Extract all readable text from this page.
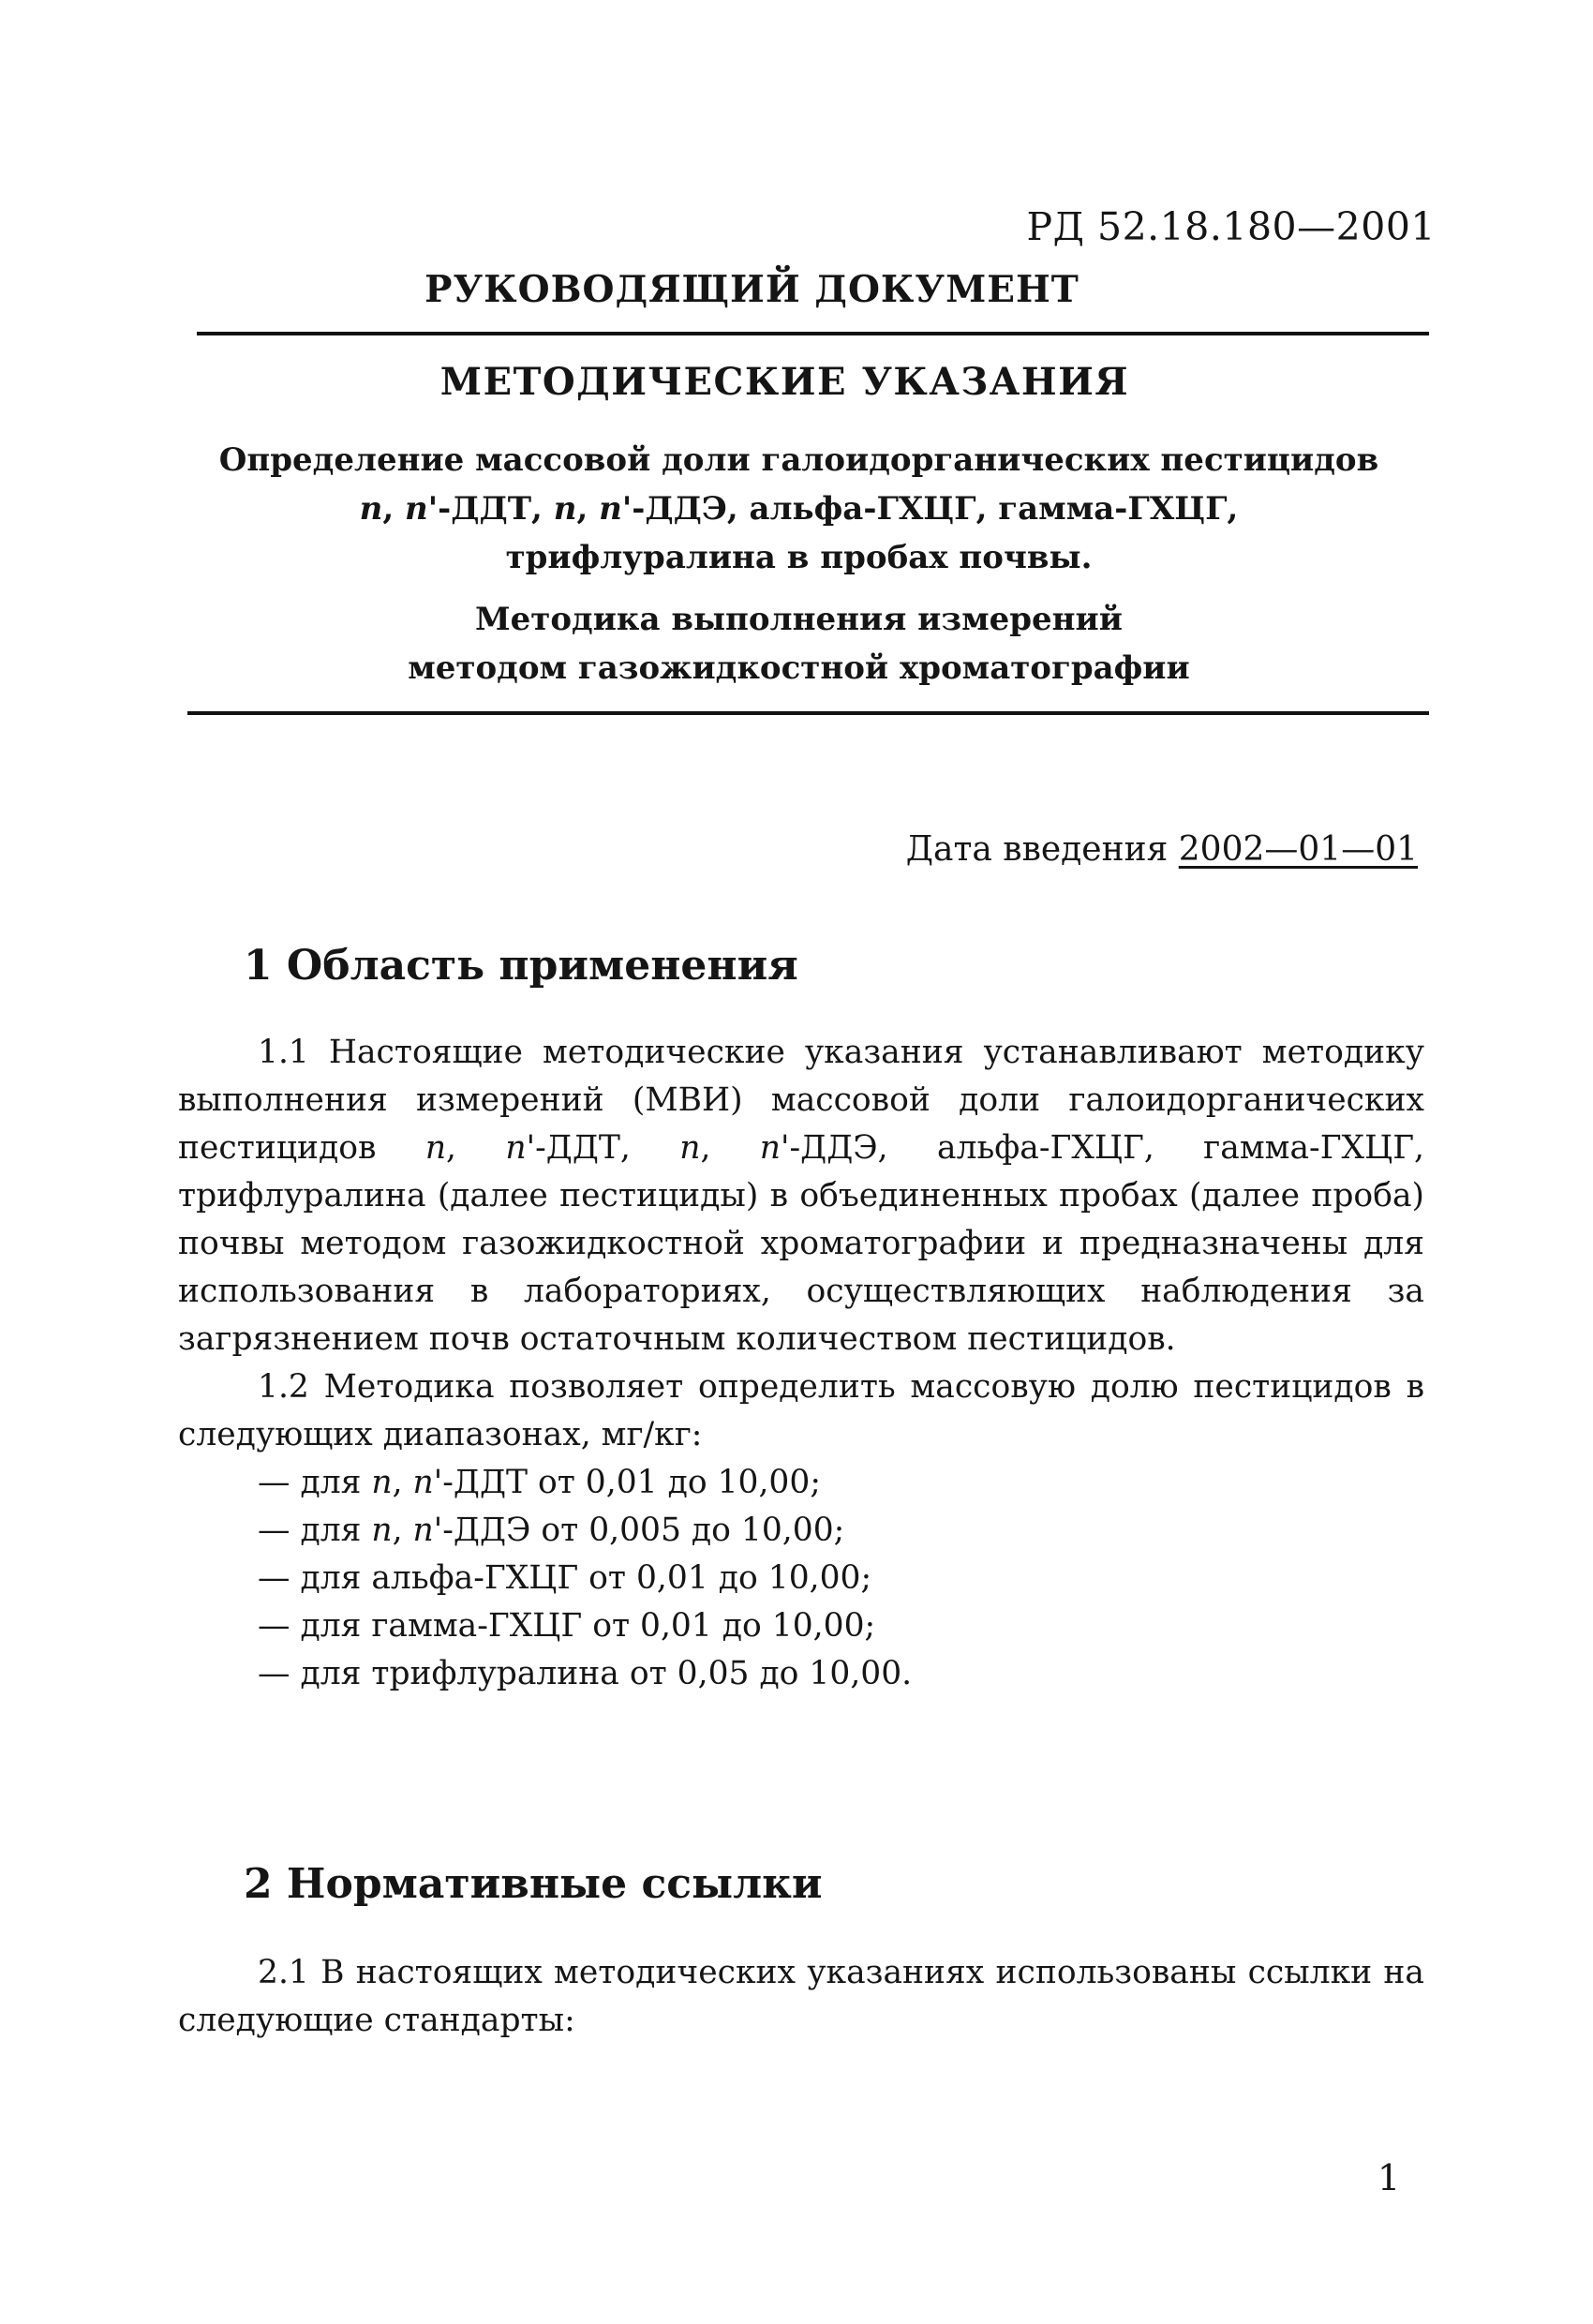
РД 52.18.180—2001
РУКОВОДЯЩИЙ ДОКУМЕНТ
МЕТОДИЧЕСКИЕ УКАЗАНИЯ
Определение массовой доли галоидорганических пестицидов
n, n'-ДДТ, n, n'-ДДЭ, альфа-ГХЦГ, гамма-ГХЦГ,
трифлуралина в пробах почвы.
Методика выполнения измерений
методом газожидкостной хроматографии
Дата введения 2002—01—01
1 Область применения

1.1 Настоящие методические указания устанавливают методику выполнения измерений (МВИ) массовой доли галоидорганических пестицидов n, n'-ДДТ, n, n'-ДДЭ, альфа-ГХЦГ, гамма-ГХЦГ, трифлуралина (далее пестициды) в объединенных пробах (далее проба) почвы методом газожидкостной хроматографии и предназначены для использования в лабораториях, осуществляющих наблюдения за загрязнением почв остаточным количеством пестицидов.

1.2 Методика позволяет определить массовую долю пестицидов в следующих диапазонах, мг/кг:

— для n, n'-ДДТ от 0,01 до 10,00;
— для n, n'-ДДЭ от 0,005 до 10,00;
— для альфа-ГХЦГ от 0,01 до 10,00;
— для гамма-ГХЦГ от 0,01 до 10,00;
— для трифлуралина от 0,05 до 10,00.
2 Нормативные ссылки

2.1 В настоящих методических указаниях использованы ссылки на следующие стандарты:

1
